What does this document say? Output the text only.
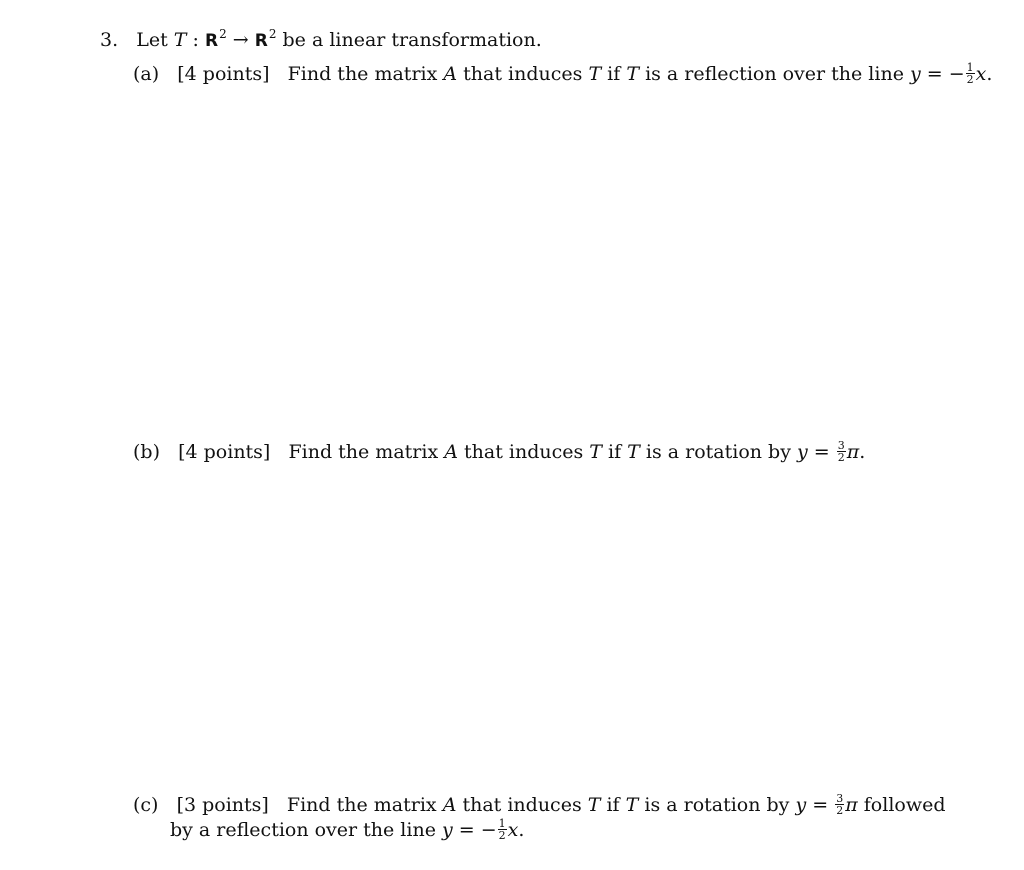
3. Let T : $R^2 \to R^2$ be a linear transformation.
(a) [4 points] Find the matrix A that induces T if T is a reflection over the line y = − $\frac{1}{2} x$.
(b) [4 points] Find the matrix A that induces T if T is a rotation by $y = \frac{3}{2} \pi$.
(c) [3 points] Find the matrix A that induces T if T is a rotation by $y = \frac{3}{2}$ π followed
by a reflection over the line y = − $\frac{1}{2} x$.
